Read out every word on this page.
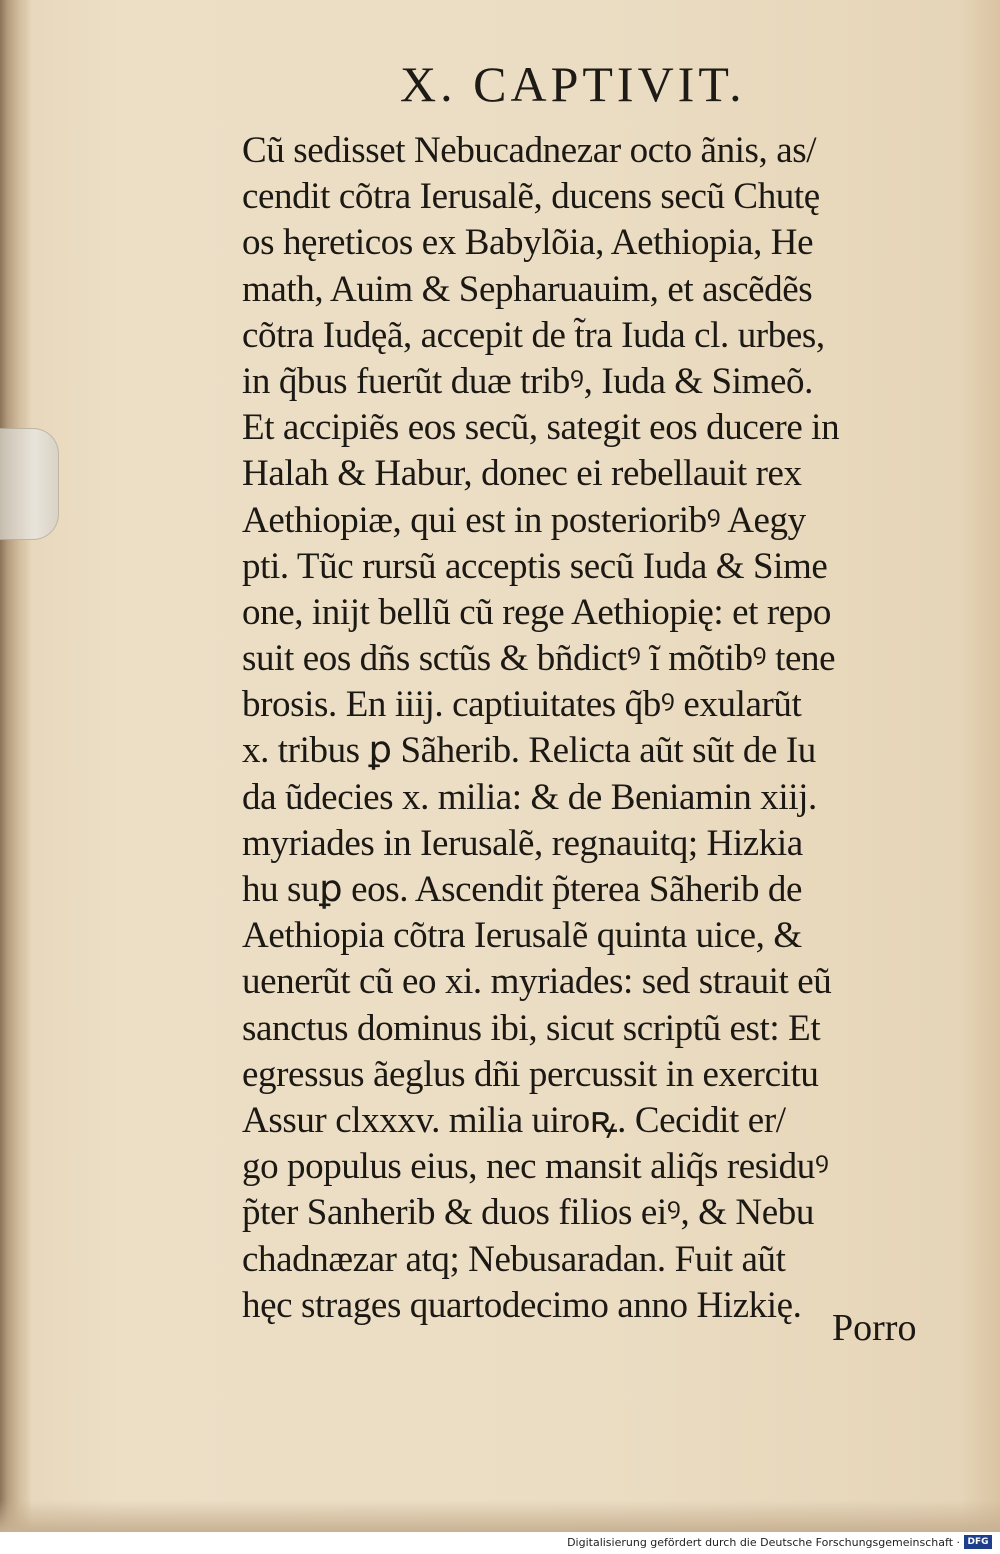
X. CAPTIVIT.
Cũ sedisset Nebucadnezar octo ãnis, as/
cendit cõtra Ierusalẽ, ducens secũ Chutę
os hęreticos ex Babylõia, Aethiopia, He
math, Auim & Sepharuauim, et ascẽdẽs
cõtra Iudęã, accepit de t̃ra Iuda cl. urbes,
in q̃bus fuerũt duæ tribꝰ, Iuda & Simeõ.
Et accipiẽs eos secũ, sategit eos ducere in
Halah & Habur, donec ei rebellauit rex
Aethiopiæ, qui est in posterioribꝰ Aegy
pti. Tũc rursũ acceptis secũ Iuda & Sime
one, inijt bellũ cũ rege Aethiopię: et repo
suit eos dñs sctũs & bñdictꝰ ĩ mõtibꝰ tene
brosis. En iiij. captiuitates q̃bꝰ exularũt
x. tribus ꝑ Sãherib. Relicta aũt sũt de Iu
da ũdecies x. milia: & de Beniamin xiij.
myriades in Ierusalẽ, regnauitq; Hizkia
hu suꝑ eos. Ascendit p̃terea Sãherib de
Aethiopia cõtra Ierusalẽ quinta uice, &
uenerũt cũ eo xi. myriades: sed strauit eũ
sanctus dominus ibi, sicut scriptũ est: Et
egressus ãeglus dñi percussit in exercitu
Assur clxxxv. milia uiroꝶ. Cecidit er/
go populus eius, nec mansit aliq̃s residuꝰ
p̃ter Sanherib & duos filios eiꝰ, & Nebu
chadnæzar atq; Nebusaradan. Fuit aũt
hęc strages quartodecimo anno Hizkię.
Porro
Digitalisierung gefördert durch die Deutsche Forschungsgemeinschaft · DFG
